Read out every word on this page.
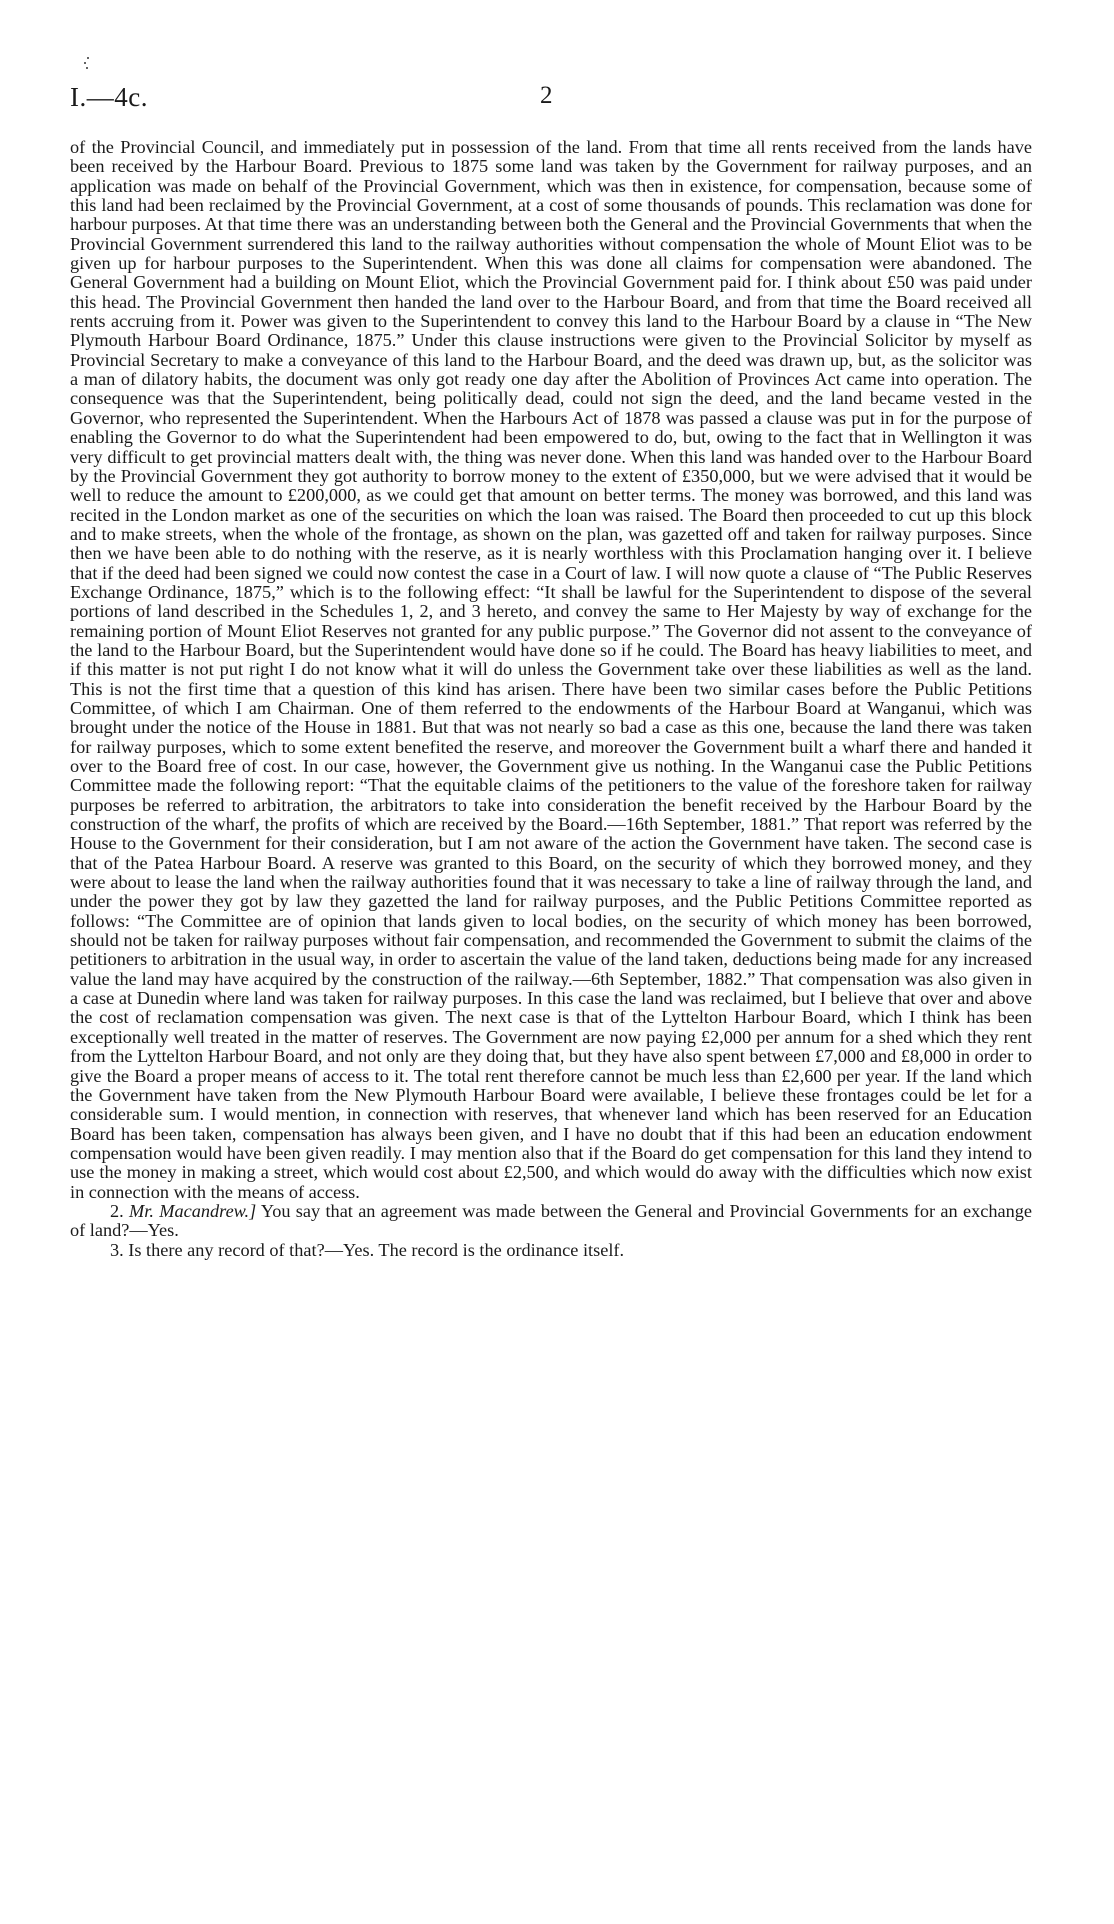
I.—4c.	2

of the Provincial Council, and immediately put in possession of the land. From that time all rents received from the lands have been received by the Harbour Board. Previous to 1875 some land was taken by the Government for railway purposes, and an application was made on behalf of the Provincial Government, which was then in existence, for compensation, because some of this land had been reclaimed by the Provincial Government, at a cost of some thousands of pounds. This reclamation was done for harbour purposes. At that time there was an understanding between both the General and the Provincial Governments that when the Provincial Government surrendered this land to the railway authorities without compensation the whole of Mount Eliot was to be given up for harbour purposes to the Superintendent. When this was done all claims for compensation were abandoned. The General Government had a building on Mount Eliot, which the Provincial Government paid for. I think about £50 was paid under this head. The Provincial Government then handed the land over to the Harbour Board, and from that time the Board received all rents accruing from it. Power was given to the Superintendent to convey this land to the Harbour Board by a clause in “The New Plymouth Harbour Board Ordinance, 1875.” Under this clause instructions were given to the Provincial Solicitor by myself as Provincial Secretary to make a conveyance of this land to the Harbour Board, and the deed was drawn up, but, as the solicitor was a man of dilatory habits, the document was only got ready one day after the Abolition of Provinces Act came into operation. The consequence was that the Superintendent, being politically dead, could not sign the deed, and the land became vested in the Governor, who represented the Superintendent. When the Harbours Act of 1878 was passed a clause was put in for the purpose of enabling the Governor to do what the Superintendent had been empowered to do, but, owing to the fact that in Wellington it was very difficult to get provincial matters dealt with, the thing was never done. When this land was handed over to the Harbour Board by the Provincial Government they got authority to borrow money to the extent of £350,000, but we were advised that it would be well to reduce the amount to £200,000, as we could get that amount on better terms. The money was borrowed, and this land was recited in the London market as one of the securities on which the loan was raised. The Board then proceeded to cut up this block and to make streets, when the whole of the frontage, as shown on the plan, was gazetted off and taken for railway purposes. Since then we have been able to do nothing with the reserve, as it is nearly worthless with this Proclamation hanging over it. I believe that if the deed had been signed we could now contest the case in a Court of law. I will now quote a clause of “The Public Reserves Exchange Ordinance, 1875,” which is to the following effect: “It shall be lawful for the Superintendent to dispose of the several portions of land described in the Schedules 1, 2, and 3 hereto, and convey the same to Her Majesty by way of exchange for the remaining portion of Mount Eliot Reserves not granted for any public purpose.” The Governor did not assent to the conveyance of the land to the Harbour Board, but the Superintendent would have done so if he could. The Board has heavy liabilities to meet, and if this matter is not put right I do not know what it will do unless the Government take over these liabilities as well as the land. This is not the first time that a question of this kind has arisen. There have been two similar cases before the Public Petitions Committee, of which I am Chairman. One of them referred to the endowments of the Harbour Board at Wanganui, which was brought under the notice of the House in 1881. But that was not nearly so bad a case as this one, because the land there was taken for railway purposes, which to some extent benefited the reserve, and moreover the Government built a wharf there and handed it over to the Board free of cost. In our case, however, the Government give us nothing. In the Wanganui case the Public Petitions Committee made the following report: “That the equitable claims of the petitioners to the value of the foreshore taken for railway purposes be referred to arbitration, the arbitrators to take into consideration the benefit received by the Harbour Board by the construction of the wharf, the profits of which are received by the Board.—16th September, 1881.” That report was referred by the House to the Government for their consideration, but I am not aware of the action the Government have taken. The second case is that of the Patea Harbour Board. A reserve was granted to this Board, on the security of which they borrowed money, and they were about to lease the land when the railway authorities found that it was necessary to take a line of railway through the land, and under the power they got by law they gazetted the land for railway purposes, and the Public Petitions Committee reported as follows: “The Committee are of opinion that lands given to local bodies, on the security of which money has been borrowed, should not be taken for railway purposes without fair compensation, and recommended the Government to submit the claims of the petitioners to arbitration in the usual way, in order to ascertain the value of the land taken, deductions being made for any increased value the land may have acquired by the construction of the railway.—6th September, 1882.” That compensation was also given in a case at Dunedin where land was taken for railway purposes. In this case the land was reclaimed, but I believe that over and above the cost of reclamation compensation was given. The next case is that of the Lyttelton Harbour Board, which I think has been exceptionally well treated in the matter of reserves. The Government are now paying £2,000 per annum for a shed which they rent from the Lyttelton Harbour Board, and not only are they doing that, but they have also spent between £7,000 and £8,000 in order to give the Board a proper means of access to it. The total rent therefore cannot be much less than £2,600 per year. If the land which the Government have taken from the New Plymouth Harbour Board were available, I believe these frontages could be let for a considerable sum. I would mention, in connection with reserves, that whenever land which has been reserved for an Education Board has been taken, compensation has always been given, and I have no doubt that if this had been an education endowment compensation would have been given readily. I may mention also that if the Board do get compensation for this land they intend to use the money in making a street, which would cost about £2,500, and which would do away with the difficulties which now exist in connection with the means of access.

2. Mr. Macandrew.] You say that an agreement was made between the General and Provincial Governments for an exchange of land?—Yes.

3. Is there any record of that?—Yes. The record is the ordinance itself.
